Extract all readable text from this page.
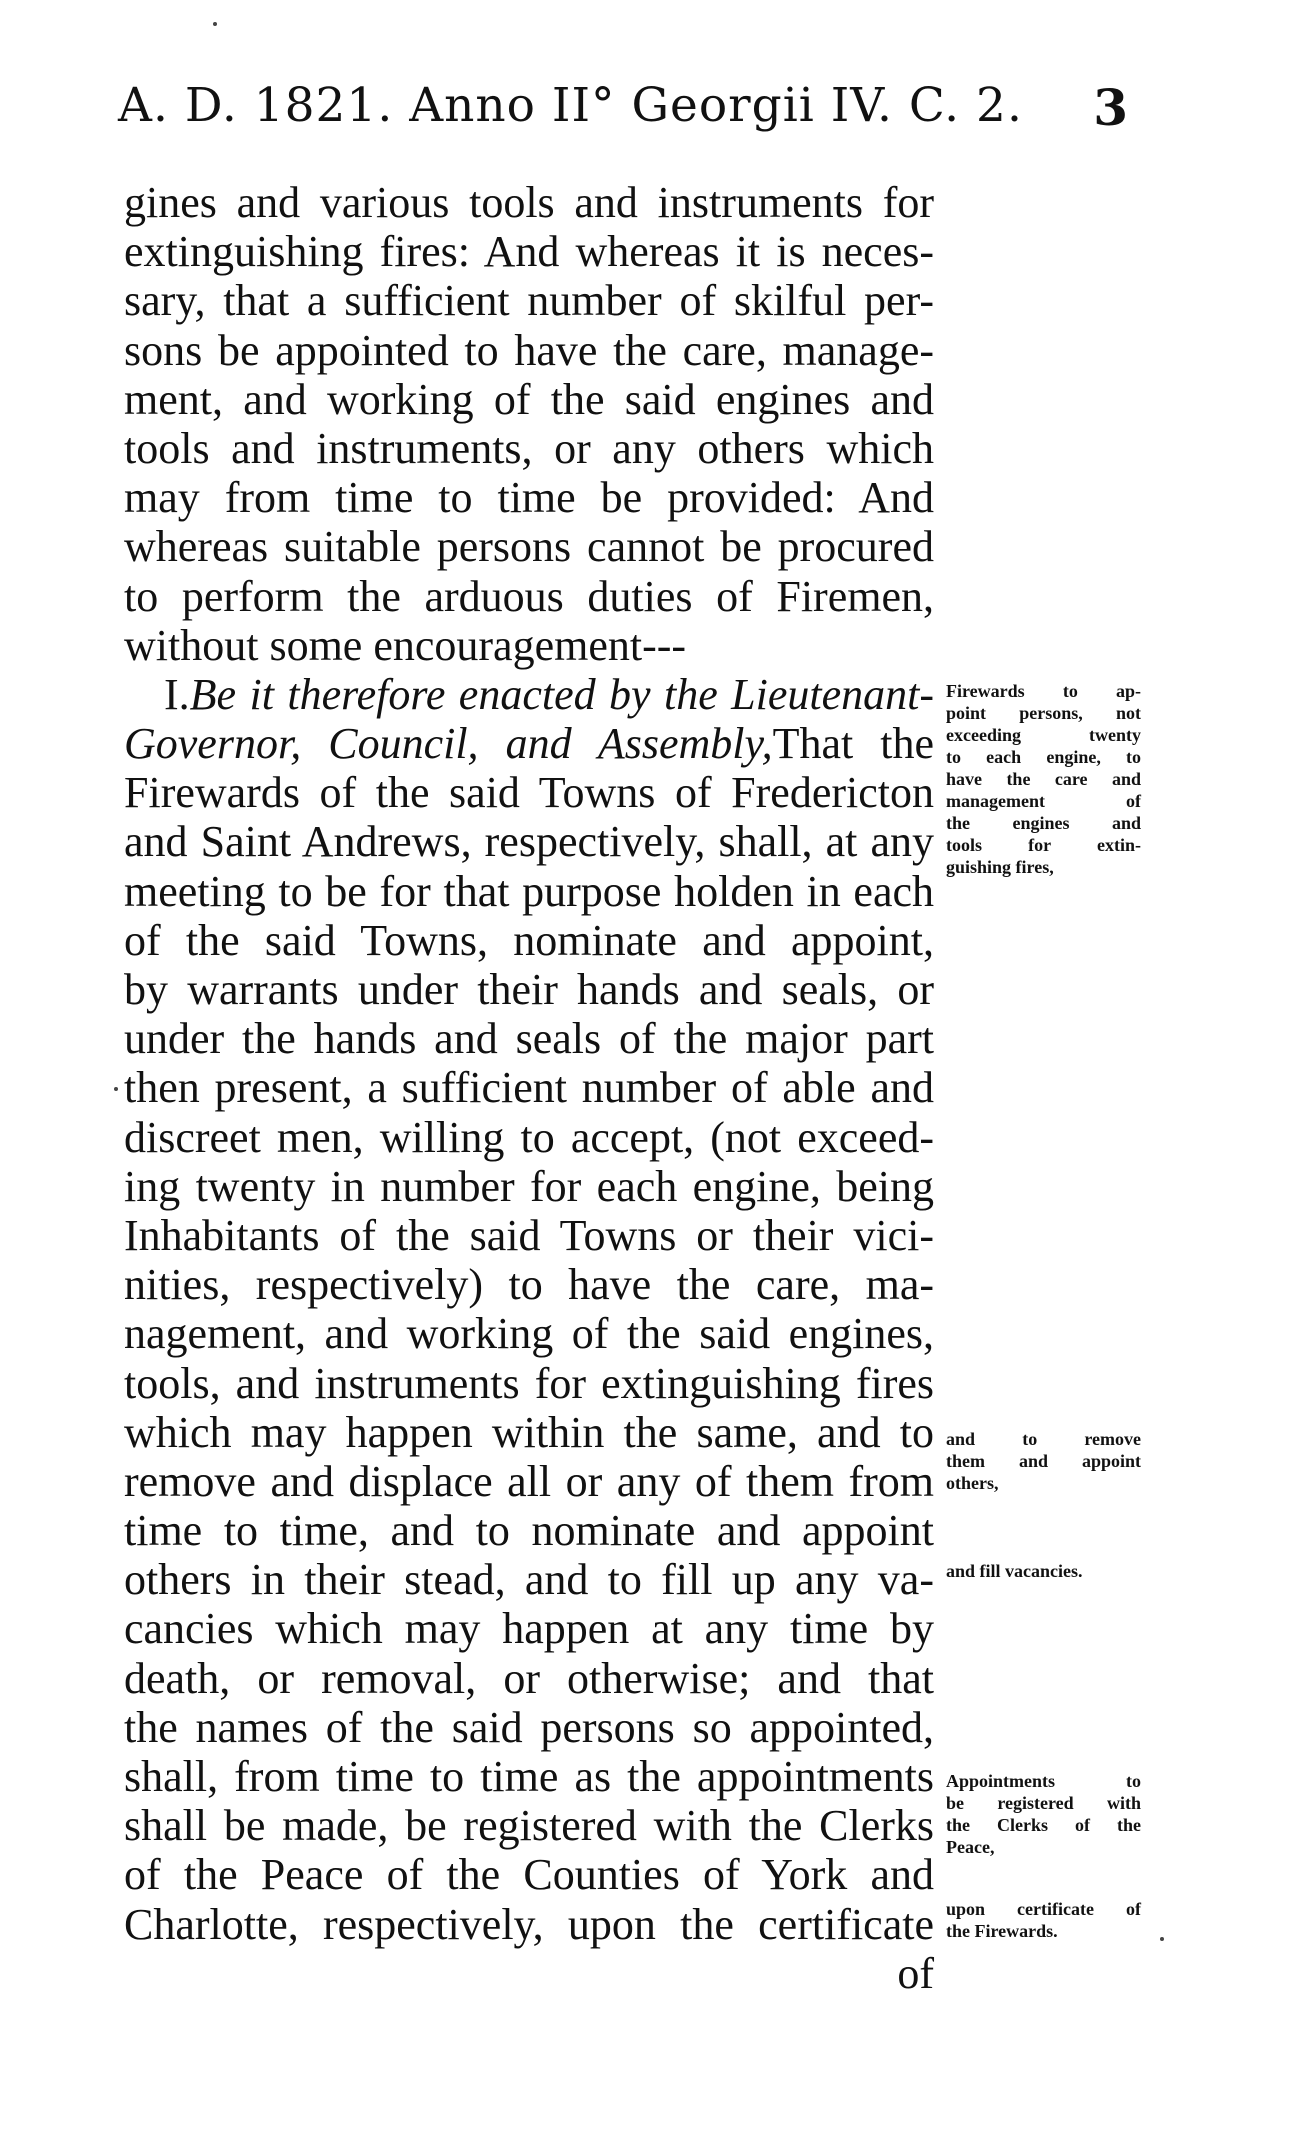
A. D. 1821. Anno II° Georgii IV. C. 2. 3
gines and various tools and instruments for
extinguishing fires: And whereas it is neces-
sary, that a sufficient number of skilful per-
sons be appointed to have the care, manage-
ment, and working of the said engines and
tools and instruments, or any others which
may from time to time be provided: And
whereas suitable persons cannot be procured
to perform the arduous duties of Firemen,
without some encouragement---
I.Be it therefore enacted by the Lieutenant-
Governor, Council, and Assembly,That the
Firewards of the said Towns of Fredericton
and Saint Andrews, respectively, shall, at any
meeting to be for that purpose holden in each
of the said Towns, nominate and appoint,
by warrants under their hands and seals, or
under the hands and seals of the major part
then present, a sufficient number of able and
discreet men, willing to accept, (not exceed-
ing twenty in number for each engine, being
Inhabitants of the said Towns or their vici-
nities, respectively) to have the care, ma-
nagement, and working of the said engines,
tools, and instruments for extinguishing fires
which may happen within the same, and to
remove and displace all or any of them from
time to time, and to nominate and appoint
others in their stead, and to fill up any va-
cancies which may happen at any time by
death, or removal, or otherwise; and that
the names of the said persons so appointed,
shall, from time to time as the appointments
shall be made, be registered with the Clerks
of the Peace of the Counties of York and
Charlotte, respectively, upon the certificate
of
Firewards to ap-
point persons, not
exceeding twenty
to each engine, to
have the care and
management of
the engines and
tools for extin-
guishing fires,
and to remove
them and appoint
others,
and fill vacancies.
Appointments to
be registered with
the Clerks of the
Peace,
upon certificate of
the Firewards.
